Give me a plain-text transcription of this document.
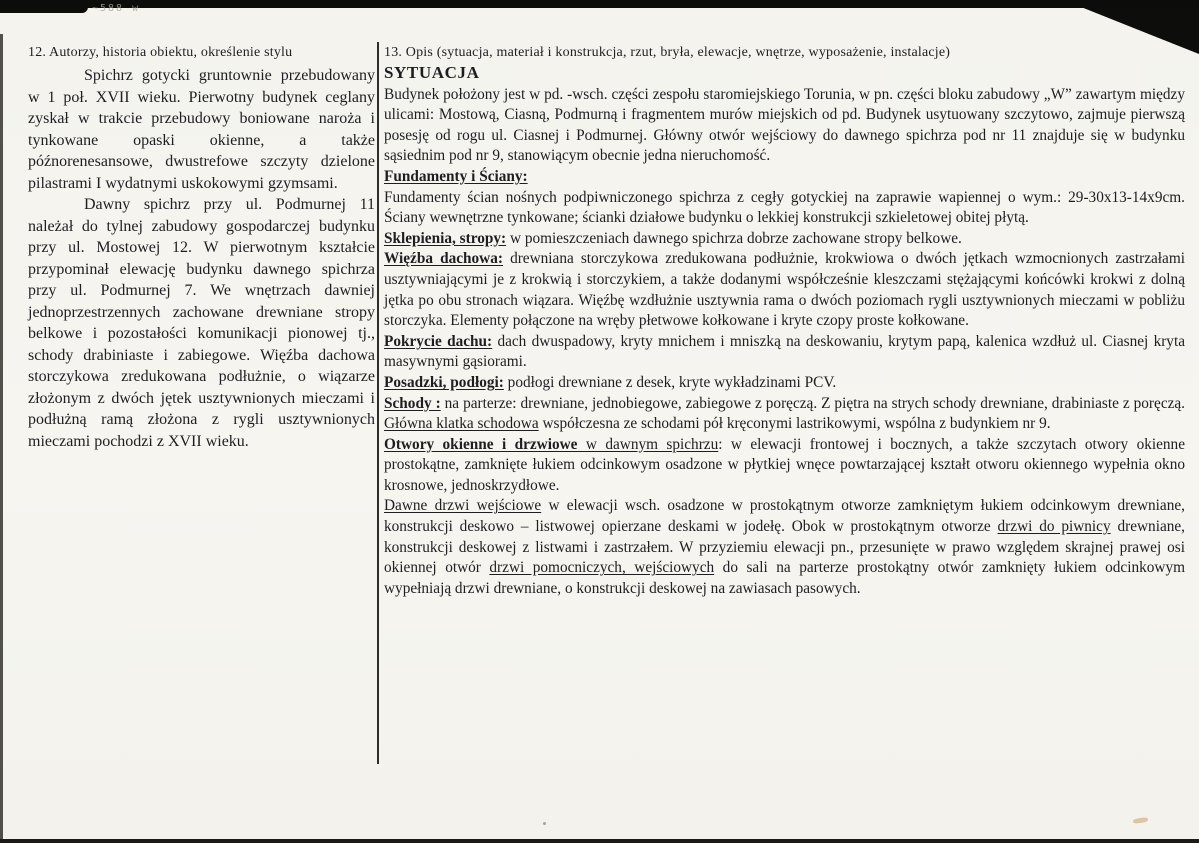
~588 w
12. Autorzy, historia obiektu, określenie stylu

Spichrz gotycki gruntownie przebudowany w 1 poł. XVII wieku. Pierwotny budynek ceglany zyskał w trakcie przebudowy boniowane naroża i tynkowane opaski okienne, a także późnorenesansowe, dwustrefowe szczyty dzielone pilastrami I wydatnymi uskokowymi gzymsami.

Dawny spichrz przy ul. Podmurnej 11 należał do tylnej zabudowy gospodarczej budynku przy ul. Mostowej 12. W pierwotnym kształcie przypominał elewację budynku dawnego spichrza przy ul. Podmurnej 7. We wnętrzach dawniej jednoprzestrzennych zachowane drewniane stropy belkowe i pozostałości komunikacji pionowej tj., schody drabiniaste i zabiegowe. Więźba dachowa storczykowa zredukowana podłużnie, o wiązarze złożonym z dwóch jętek usztywnionych mieczami i podłużną ramą złożona z rygli usztywnionych mieczami pochodzi z XVII wieku.

13. Opis (sytuacja, materiał i konstrukcja, rzut, bryła, elewacje, wnętrze, wyposażenie, instalacje)

SYTUACJA

Budynek położony jest w pd. -wsch. części zespołu staromiejskiego Torunia, w pn. części bloku zabudowy „W” zawartym między ulicami: Mostową, Ciasną, Podmurną i fragmentem murów miejskich od pd. Budynek usytuowany szczytowo, zajmuje pierwszą posesję od rogu ul. Ciasnej i Podmurnej. Główny otwór wejściowy do dawnego spichrza pod nr 11 znajduje się w budynku sąsiednim pod nr 9, stanowiącym obecnie jedna nieruchomość.

Fundamenty i Ściany:

Fundamenty ścian nośnych podpiwniczonego spichrza z cegły gotyckiej na zaprawie wapiennej o wym.: 29-30x13-14x9cm. Ściany wewnętrzne tynkowane; ścianki działowe budynku o lekkiej konstrukcji szkieletowej obitej płytą.

Sklepienia, stropy: w pomieszczeniach dawnego spichrza dobrze zachowane stropy belkowe.

Więźba dachowa: drewniana storczykowa zredukowana podłużnie, krokwiowa o dwóch jętkach wzmocnionych zastrzałami usztywniającymi je z krokwią i storczykiem, a także dodanymi współcześnie kleszczami stężającymi końcówki krokwi z dolną jętka po obu stronach wiązara. Więźbę wzdłużnie usztywnia rama o dwóch poziomach rygli usztywnionych mieczami w pobliżu storczyka. Elementy połączone na wręby płetwowe kołkowane i kryte czopy proste kołkowane.

Pokrycie dachu: dach dwuspadowy, kryty mnichem i mniszką na deskowaniu, krytym papą, kalenica wzdłuż ul. Ciasnej kryta masywnymi gąsiorami.

Posadzki, podłogi: podłogi drewniane z desek, kryte wykładzinami PCV.

Schody : na parterze: drewniane, jednobiegowe, zabiegowe z poręczą. Z piętra na strych schody drewniane, drabiniaste z poręczą. Główna klatka schodowa współczesna ze schodami pół kręconymi lastrikowymi, wspólna z budynkiem nr 9.

Otwory okienne i drzwiowe w dawnym spichrzu: w elewacji frontowej i bocznych, a także szczytach otwory okienne prostokątne, zamknięte łukiem odcinkowym osadzone w płytkiej wnęce powtarzającej kształt otworu okiennego wypełnia okno krosnowe, jednoskrzydłowe.

Dawne drzwi wejściowe w elewacji wsch. osadzone w prostokątnym otworze zamkniętym łukiem odcinkowym drewniane, konstrukcji deskowo – listwowej opierzane deskami w jodełę. Obok w prostokątnym otworze drzwi do piwnicy drewniane, konstrukcji deskowej z listwami i zastrzałem. W przyziemiu elewacji pn., przesunięte w prawo względem skrajnej prawej osi okiennej otwór drzwi pomocniczych, wejściowych do sali na parterze prostokątny otwór zamknięty łukiem odcinkowym wypełniają drzwi drewniane, o konstrukcji deskowej na zawiasach pasowych.
